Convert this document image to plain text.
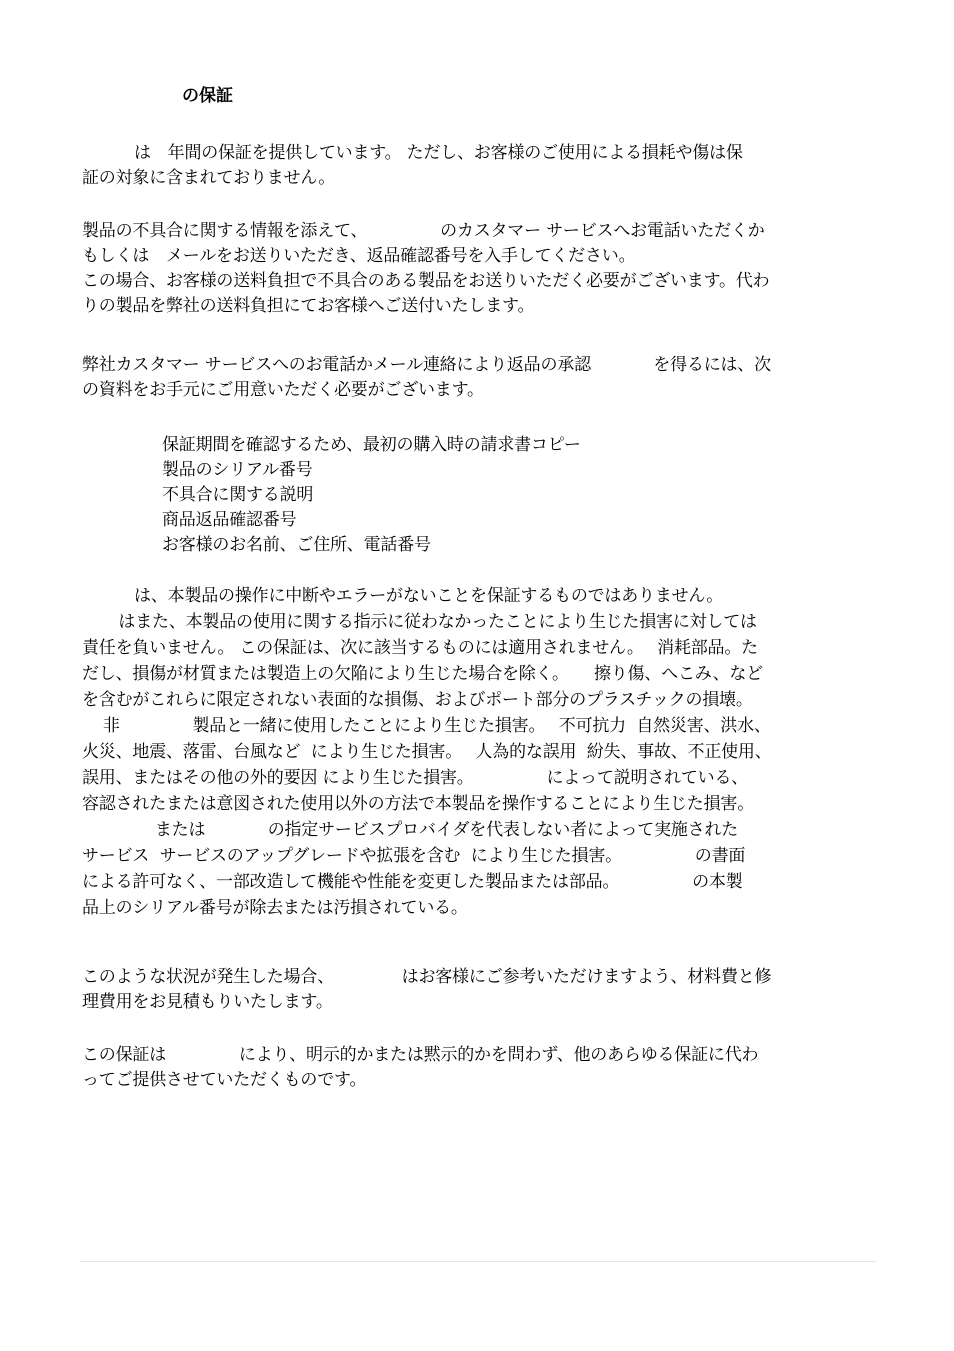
の保証

は　年間の保証を提供しています。 ただし、お客様のご使用による損耗や傷は保
証の対象に含まれておりません。

製品の不具合に関する情報を添えて、              のカスタマー サービスへお電話いただくか
もしくは　メールをお送りいただき、返品確認番号を入手してください。
この場合、お客様の送料負担で不具合のある製品をお送りいただく必要がございます。代わ
りの製品を弊社の送料負担にてお客様へご送付いたします。

弊社カスタマー サービスへのお電話かメール連絡により返品の承認            を得るには、次
の資料をお手元にご用意いただく必要がございます。

保証期間を確認するため、最初の購入時の請求書コピー
製品のシリアル番号
不具合に関する説明
商品返品確認番号
お客様のお名前、ご住所、電話番号

は、本製品の操作に中断やエラーがないことを保証するものではありません。
はまた、本製品の使用に関する指示に従わなかったことにより生じた損害に対しては
責任を負いません。 この保証は、次に該当するものには適用されません。　 消耗部品。た
だし、損傷が材質または製造上の欠陥により生じた場合を除く。　　擦り傷、へこみ、など
を含むがこれらに限定されない表面的な損傷、およびポート部分のプラスチックの損壊。
非              製品と一緒に使用したことにより生じた損害。　 不可抗力  自然災害、洪水、
火災、地震、落雷、台風など  により生じた損害。　 人為的な誤用  紛失、事故、不正使用、
誤用、またはその他の外的要因 により生じた損害。              によって説明されている、
容認されたまたは意図された使用以外の方法で本製品を操作することにより生じた損害。
または            の指定サービスプロバイダを代表しない者によって実施された
サービス  サービスのアップグレードや拡張を含む  により生じた損害。              の書面
による許可なく、一部改造して機能や性能を変更した製品または部品。              の本製
品上のシリアル番号が除去または汚損されている。

このような状況が発生した場合、             はお客様にご参考いただけますよう、材料費と修
理費用をお見積もりいたします。

この保証は              により、明示的かまたは黙示的かを問わず、他のあらゆる保証に代わ
ってご提供させていただくものです。
